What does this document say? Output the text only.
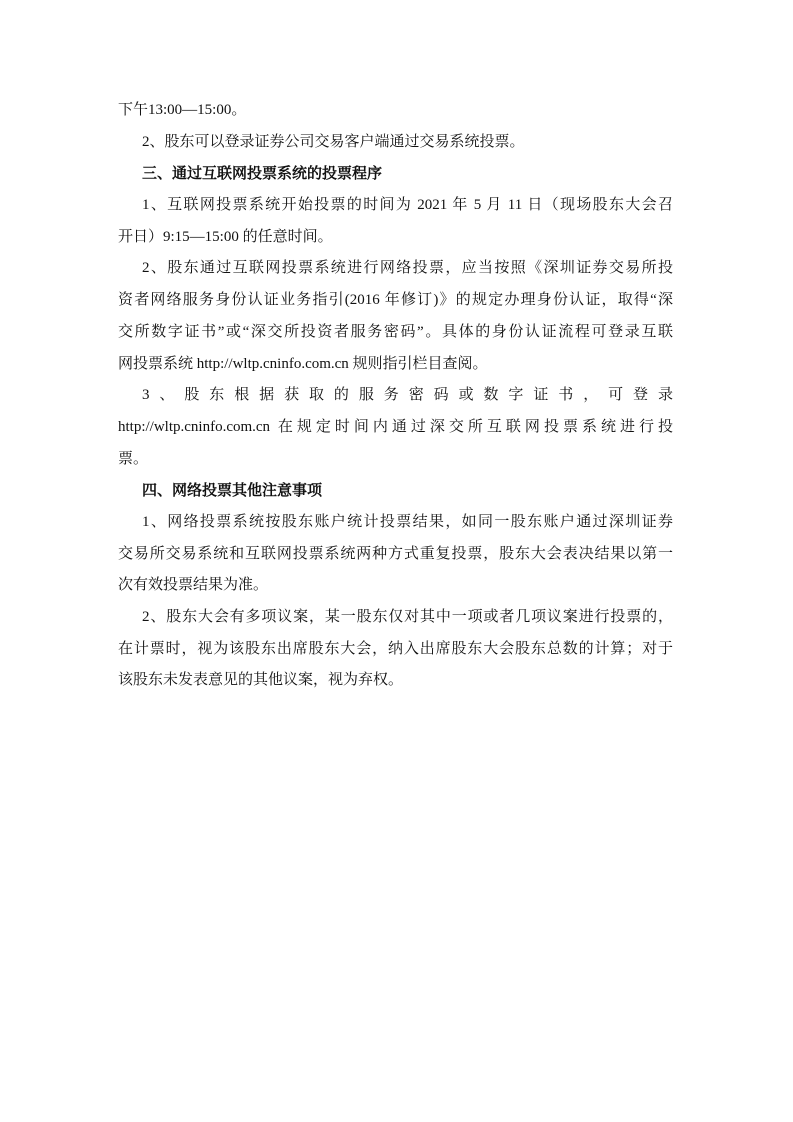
下午13:00—15:00。
2、股东可以登录证券公司交易客户端通过交易系统投票。
三、通过互联网投票系统的投票程序
1、互联网投票系统开始投票的时间为 2021 年 5 月 11 日（现场股东大会召
开日）9:15—15:00 的任意时间。
2、股东通过互联网投票系统进行网络投票，应当按照《深圳证券交易所投
资者网络服务身份认证业务指引(2016 年修订)》的规定办理身份认证，取得“深
交所数字证书”或“深交所投资者服务密码”。具体的身份认证流程可登录互联
网投票系统 http://wltp.cninfo.com.cn 规则指引栏目查阅。
3、股东根据获取的服务密码或数字证书，可登录
http://wltp.cninfo.com.cn 在规定时间内通过深交所互联网投票系统进行投
票。
四、网络投票其他注意事项
1、网络投票系统按股东账户统计投票结果，如同一股东账户通过深圳证券
交易所交易系统和互联网投票系统两种方式重复投票，股东大会表决结果以第一
次有效投票结果为准。
2、股东大会有多项议案，某一股东仅对其中一项或者几项议案进行投票的，
在计票时，视为该股东出席股东大会，纳入出席股东大会股东总数的计算；对于
该股东未发表意见的其他议案，视为弃权。
